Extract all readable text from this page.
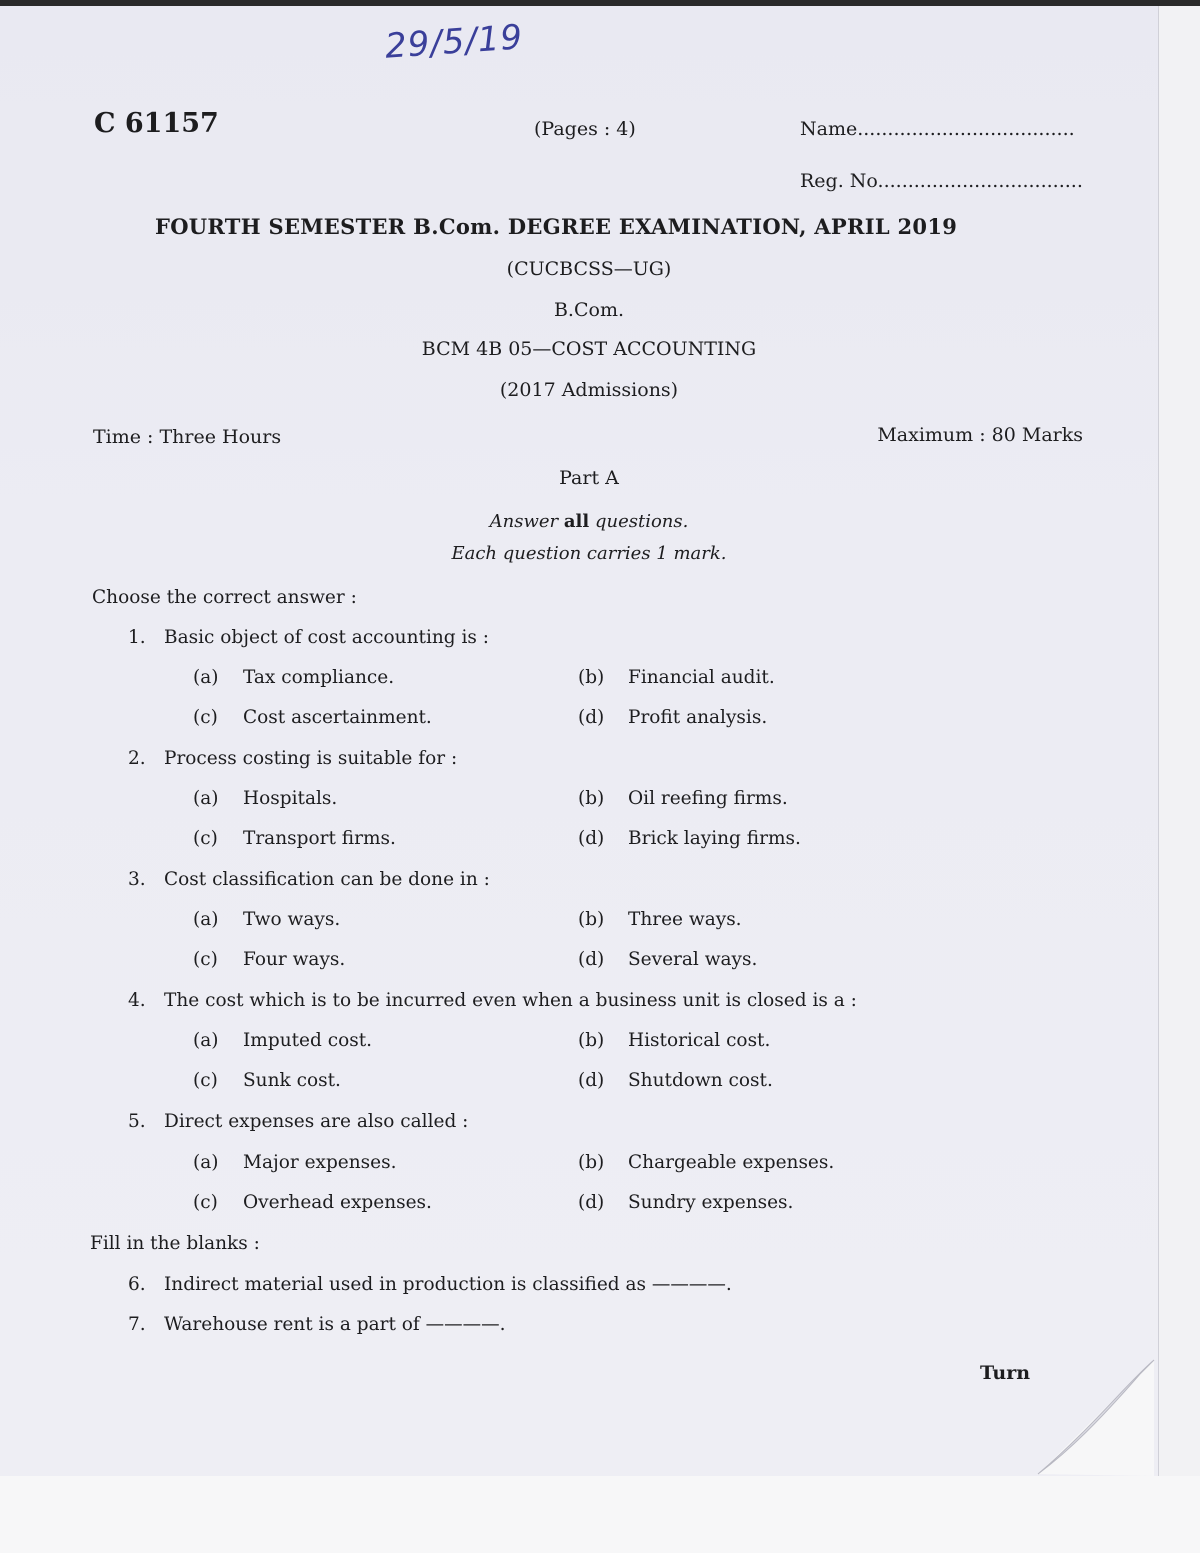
29/5/19
C 61157	(Pages : 4)	Name....................................
Reg. No..................................
FOURTH SEMESTER B.Com. DEGREE EXAMINATION, APRIL 2019
(CUCBCSS—UG)
B.Com.
BCM 4B 05—COST ACCOUNTING
(2017 Admissions)
Time : Three Hours	Maximum : 80 Marks
Part A
Answer all questions.
Each question carries 1 mark.
Choose the correct answer :
1. Basic object of cost accounting is :
(a) Tax compliance.	(b) Financial audit.
(c) Cost ascertainment.	(d) Profit analysis.
2. Process costing is suitable for :
(a) Hospitals.	(b) Oil reefing firms.
(c) Transport firms.	(d) Brick laying firms.
3. Cost classification can be done in :
(a) Two ways.	(b) Three ways.
(c) Four ways.	(d) Several ways.
4. The cost which is to be incurred even when a business unit is closed is a :
(a) Imputed cost.	(b) Historical cost.
(c) Sunk cost.	(d) Shutdown cost.
5. Direct expenses are also called :
(a) Major expenses.	(b) Chargeable expenses.
(c) Overhead expenses.	(d) Sundry expenses.
Fill in the blanks :
6. Indirect material used in production is classified as ————.
7. Warehouse rent is a part of ————.
Turn
